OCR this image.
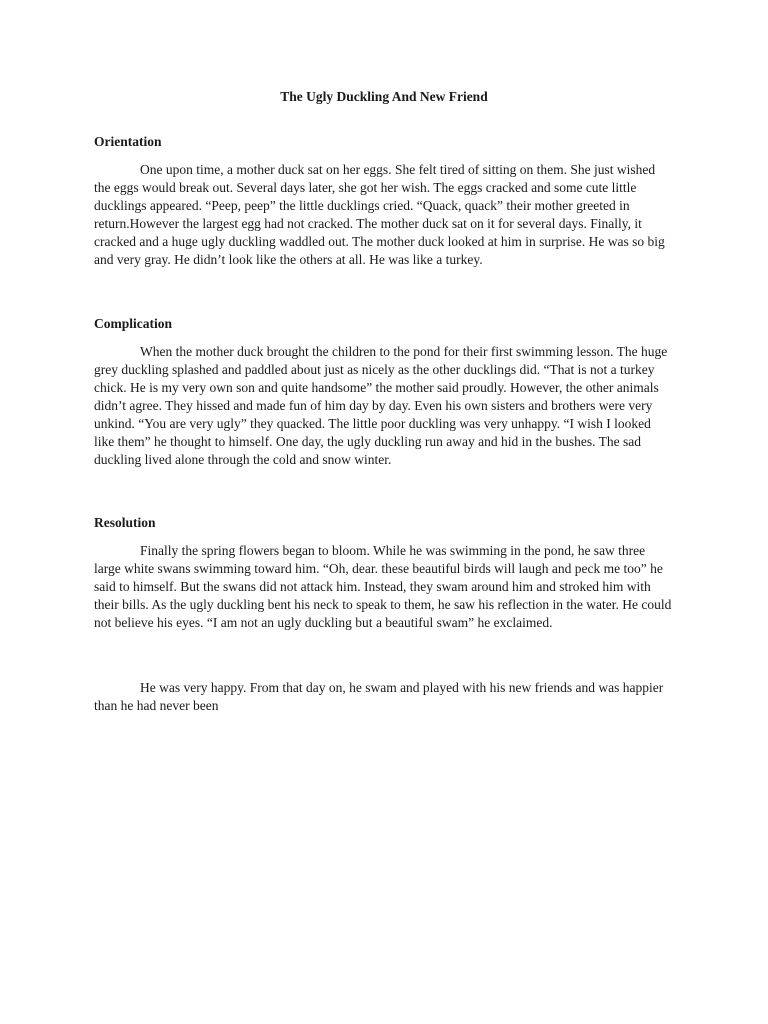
The Ugly Duckling And New Friend
Orientation

One upon time, a mother duck sat on her eggs. She felt tired of sitting on them. She just wished the eggs would break out. Several days later, she got her wish. The eggs cracked and some cute little ducklings appeared. “Peep, peep” the little ducklings cried. “Quack, quack” their mother greeted in return.However the largest egg had not cracked. The mother duck sat on it for several days. Finally, it cracked and a huge ugly duckling waddled out. The mother duck looked at him in surprise. He was so big and very gray. He didn’t look like the others at all. He was like a turkey.

Complication

When the mother duck brought the children to the pond for their first swimming lesson. The huge grey duckling splashed and paddled about just as nicely as the other ducklings did. “That is not a turkey chick. He is my very own son and quite handsome” the mother said proudly. However, the other animals didn’t agree. They hissed and made fun of him day by day. Even his own sisters and brothers were very unkind. “You are very ugly” they quacked. The little poor duckling was very unhappy. “I wish I looked like them” he thought to himself. One day, the ugly duckling run away and hid in the bushes. The sad duckling lived alone through the cold and snow winter.

Resolution

Finally the spring flowers began to bloom. While he was swimming in the pond, he saw three large white swans swimming toward him. “Oh, dear. these beautiful birds will laugh and peck me too” he said to himself. But the swans did not attack him. Instead, they swam around him and stroked him with their bills. As the ugly duckling bent his neck to speak to them, he saw his reflection in the water. He could not believe his eyes. “I am not an ugly duckling but a beautiful swam” he exclaimed.

He was very happy. From that day on, he swam and played with his new friends and was happier than he had never been
